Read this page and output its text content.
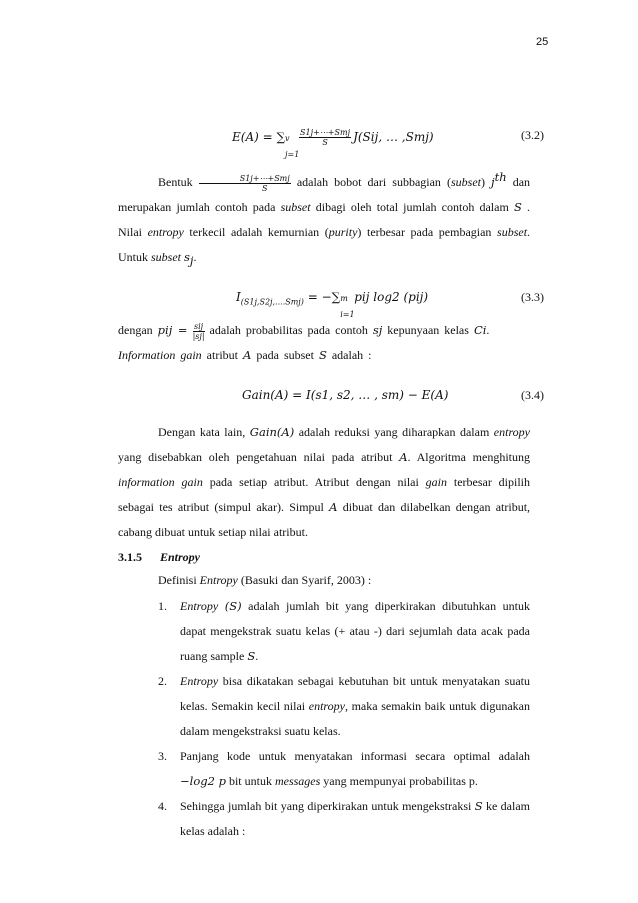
25
E(A) = ∑ v
j=1
$\frac{\text{S1j+⋯+Smj}}{S} J(Sij$, … ,Smj)	(3.2)
Bentuk $\frac{\text{S1j+⋯+Smj}}{S}$ adalah bobot dari subbagian (subset) $j^{th}$ dan merupakan jumlah contoh pada subset dibagi oleh total jumlah contoh dalam S . Nilai entropy terkecil adalah kemurnian (purity) terbesar pada pembagian subset. Untuk subset $s_j$.
$I_{(S1j,S2j,....Smj)}$ = −∑ m
i=1
pij log2 (pij)	(3.3)
dengan pij = $\frac{\text{sij}}{|sj|}$ adalah probabilitas pada contoh sj kepunyaan kelas Ci.
Information gain atribut A pada subset S adalah :
Gain(A) = I(s1, s2, … , sm) − E(A)	(3.4)
Dengan kata lain, Gain(A) adalah reduksi yang diharapkan dalam entropy yang disebabkan oleh pengetahuan nilai pada atribut A. Algoritma menghitung information gain pada setiap atribut. Atribut dengan nilai gain terbesar dipilih sebagai tes atribut (simpul akar). Simpul A dibuat dan dilabelkan dengan atribut, cabang dibuat untuk setiap nilai atribut.
3.1.5 Entropy
Definisi Entropy (Basuki dan Syarif, 2003) :
1. Entropy (S) adalah jumlah bit yang diperkirakan dibutuhkan untuk dapat mengekstrak suatu kelas (+ atau -) dari sejumlah data acak pada ruang sample S.
2. Entropy bisa dikatakan sebagai kebutuhan bit untuk menyatakan suatu kelas. Semakin kecil nilai entropy, maka semakin baik untuk digunakan dalam mengekstraksi suatu kelas.
3. Panjang kode untuk menyatakan informasi secara optimal adalah −log2 p bit untuk messages yang mempunyai probabilitas p.
4. Sehingga jumlah bit yang diperkirakan untuk mengekstraksi S ke dalam kelas adalah :
